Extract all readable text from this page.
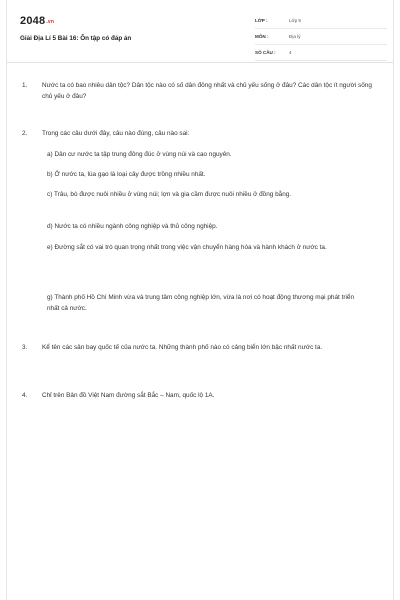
2048.vn
Giải Địa Lí 5 Bài 16: Ôn tập có đáp án
LỚP :	Lớp 5
MÔN :	Địa lý
SỐ CÂU :	4
1. Nước ta có bao nhiêu dân tộc? Dân tộc nào có số dân đông nhất và chủ yếu sống ở đâu? Các dân tộc ít người sống chủ yếu ở đâu?
2. Trong các câu dưới đây, câu nào đúng, câu nào sai:
a) Dân cư nước ta tập trung đông đúc ở vùng núi và cao nguyên.
b) Ở nước ta, lúa gạo là loại cây được trồng nhiều nhất.
c) Trâu, bò được nuôi nhiều ở vùng núi; lợn và gia cầm được nuôi nhiều ở đồng bằng.
d) Nước ta có nhiều ngành công nghiệp và thủ công nghiệp.
e) Đường sắt có vai trò quan trọng nhất trong việc vận chuyển hàng hóa và hành khách ở nước ta.
g) Thành phố Hồ Chí Minh vừa và trung tâm công nghiệp lớn, vừa là nơi có hoạt động thương mại phát triển nhất cả nước.
3. Kể tên các sân bay quốc tế của nước ta. Những thành phố nào có cảng biển lớn bậc nhất nước ta.
4. Chỉ trên Bản đồ Việt Nam đường sắt Bắc – Nam, quốc lộ 1A.
